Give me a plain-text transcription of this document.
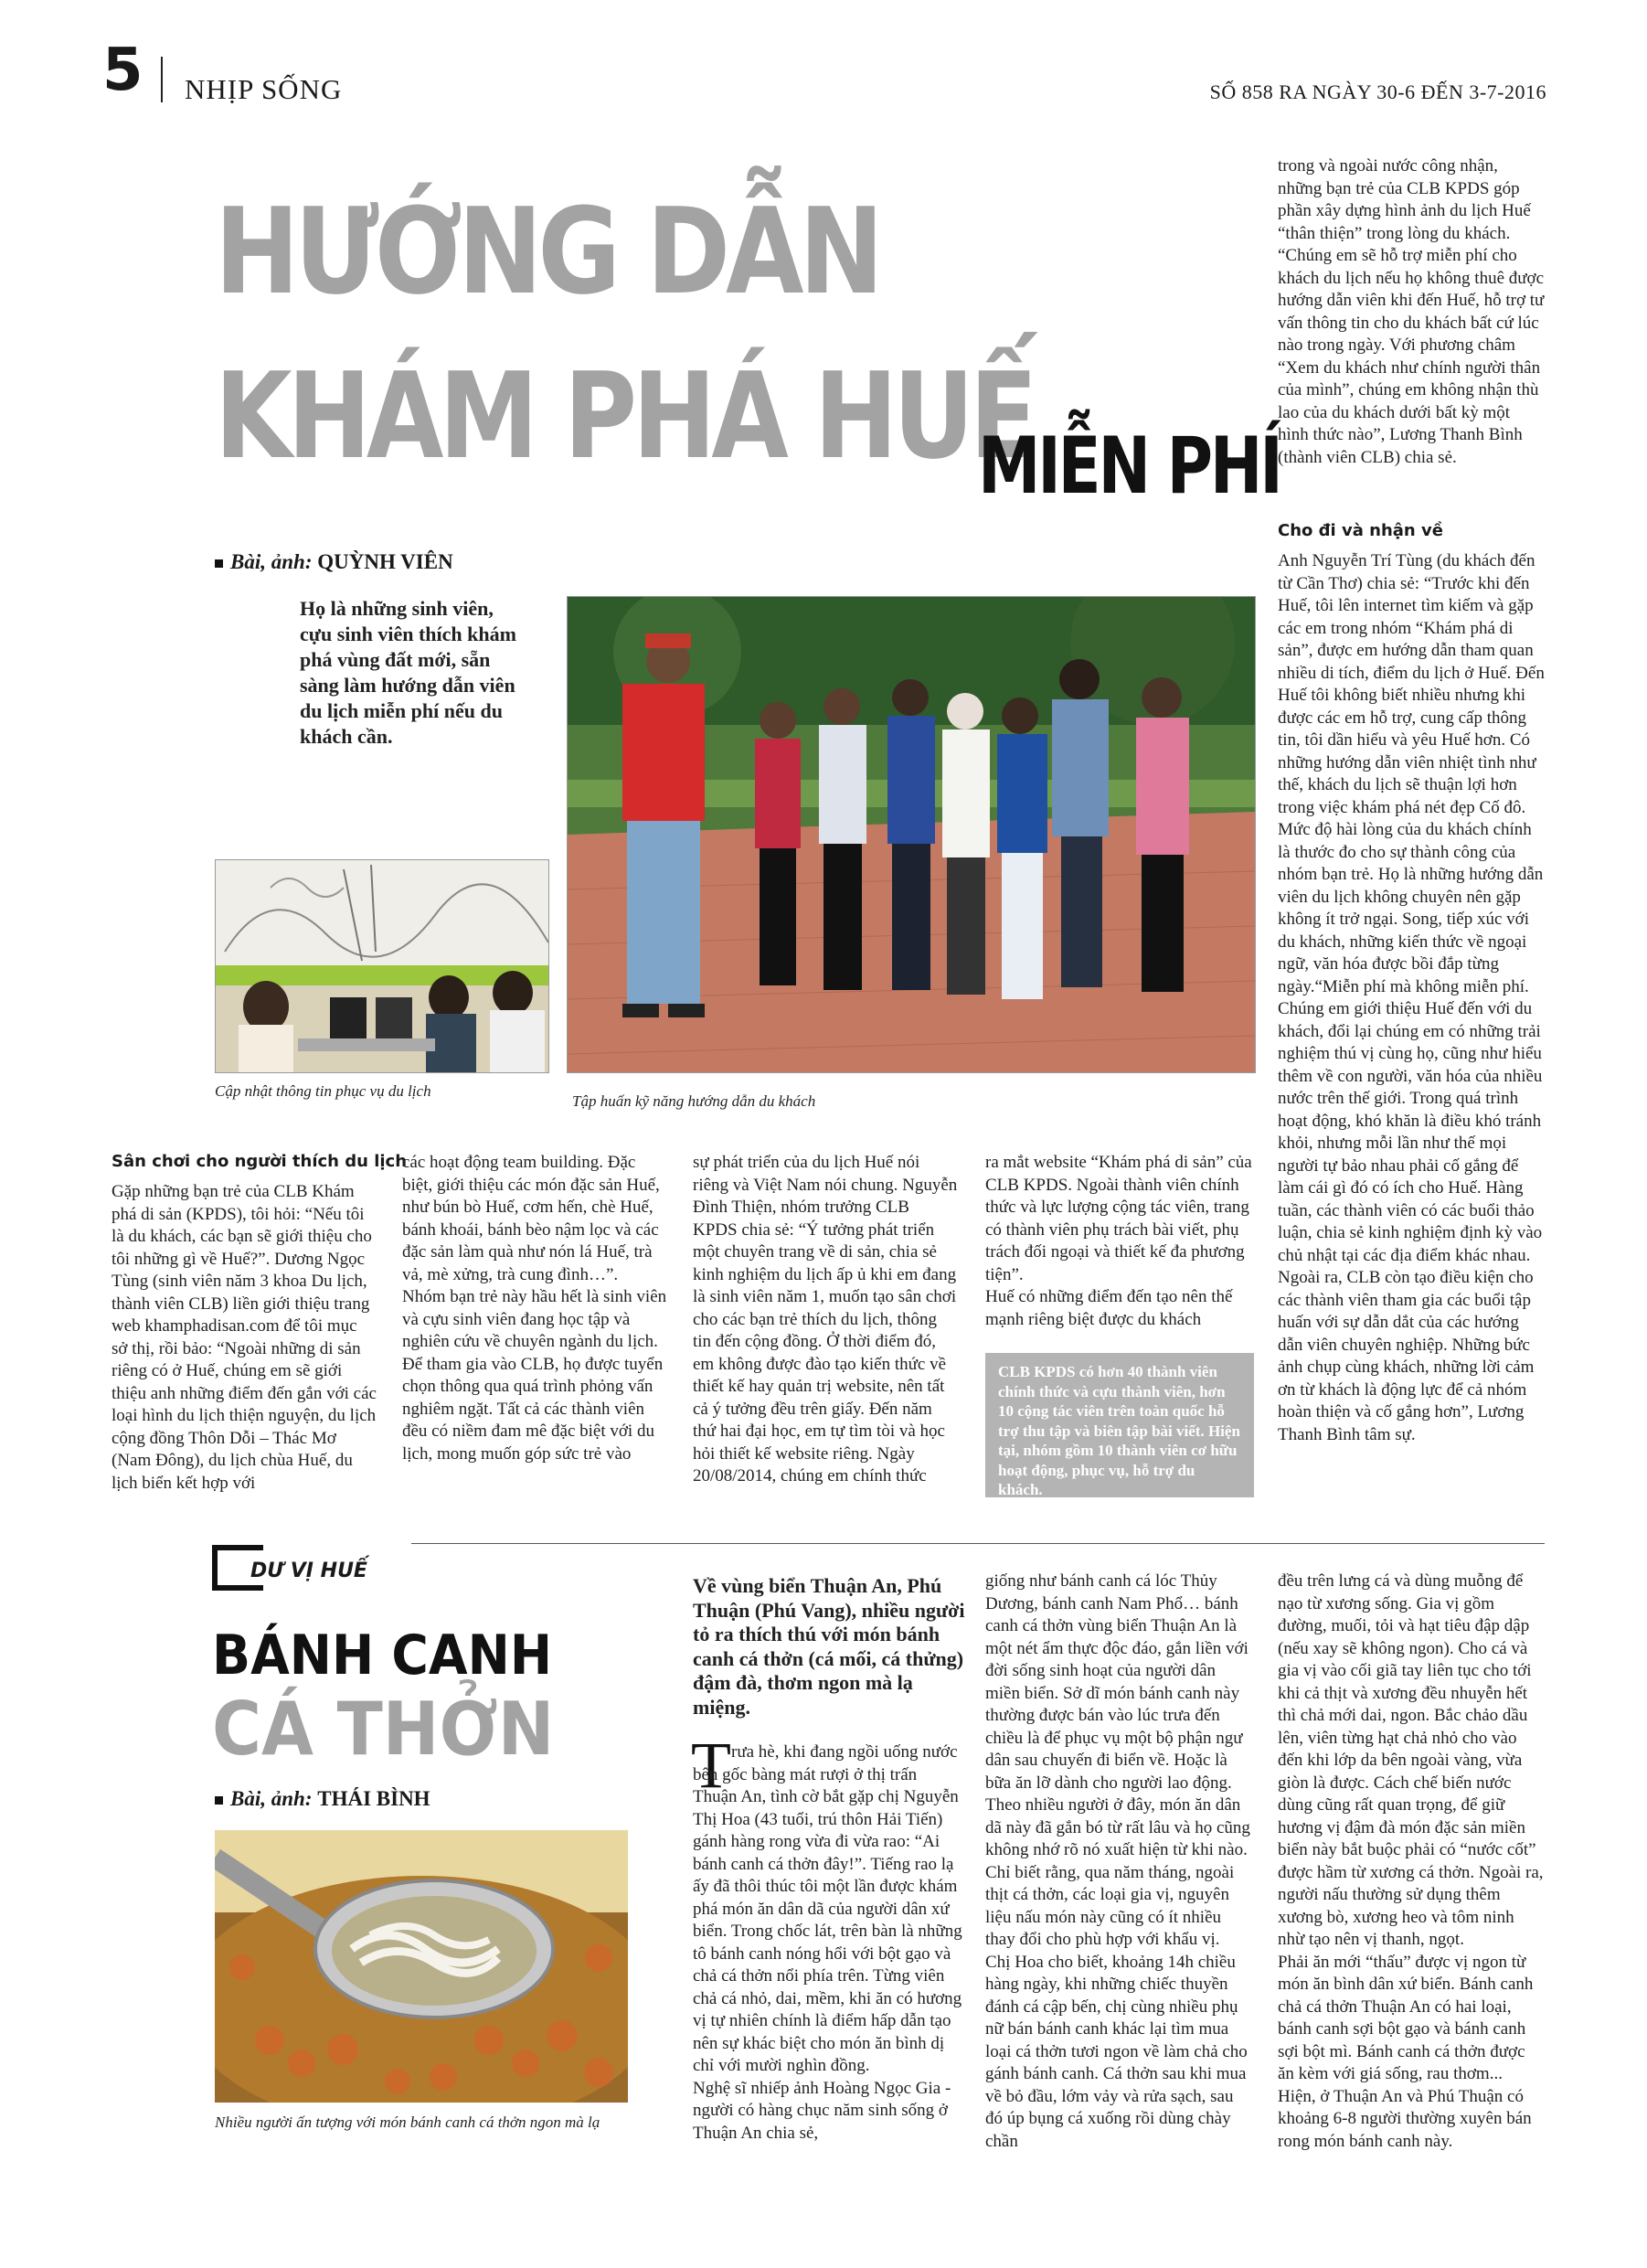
5 NHỊP SỐNG	SỐ 858 RA NGÀY 30-6 ĐẾN 3-7-2016
HƯỚNG DẪN
KHÁM PHÁ HUẾ
MIỄN PHÍ
Bài, ảnh: QUỲNH VIÊN
Họ là những sinh viên, cựu sinh viên thích khám phá vùng đất mới, sẵn sàng làm hướng dẫn viên du lịch miễn phí nếu du khách cần.
Cập nhật thông tin phục vụ du lịch
Tập huấn kỹ năng hướng dẫn du khách
Sân chơi cho người thích du lịch
Gặp những bạn trẻ của CLB Khám phá di sản (KPDS), tôi hỏi: “Nếu tôi là du khách, các bạn sẽ giới thiệu cho tôi những gì về Huế?”. Dương Ngọc Tùng (sinh viên năm 3 khoa Du lịch, thành viên CLB) liền giới thiệu trang web khamphadisan.com để tôi mục sở thị, rồi bảo: “Ngoài những di sản riêng có ở Huế, chúng em sẽ giới thiệu anh những điểm đến gắn với các loại hình du lịch thiện nguyện, du lịch cộng đồng Thôn Dỗi – Thác Mơ (Nam Đông), du lịch chùa Huế, du lịch biển kết hợp với
các hoạt động team building. Đặc biệt, giới thiệu các món đặc sản Huế, như bún bò Huế, cơm hến, chè Huế, bánh khoái, bánh bèo nậm lọc và các đặc sản làm quà như nón lá Huế, trà vả, mè xửng, trà cung đình…”.
Nhóm bạn trẻ này hầu hết là sinh viên và cựu sinh viên đang học tập và nghiên cứu về chuyên ngành du lịch. Để tham gia vào CLB, họ được tuyển chọn thông qua quá trình phỏng vấn nghiêm ngặt. Tất cả các thành viên đều có niềm đam mê đặc biệt với du lịch, mong muốn góp sức trẻ vào
sự phát triển của du lịch Huế nói riêng và Việt Nam nói chung. Nguyễn Đình Thiện, nhóm trưởng CLB KPDS chia sẻ: “Ý tưởng phát triển một chuyên trang về di sản, chia sẻ kinh nghiệm du lịch ấp ủ khi em đang là sinh viên năm 1, muốn tạo sân chơi cho các bạn trẻ thích du lịch, thông tin đến cộng đồng. Ở thời điểm đó, em không được đào tạo kiến thức về thiết kế hay quản trị website, nên tất cả ý tưởng đều trên giấy. Đến năm thứ hai đại học, em tự tìm tòi và học hỏi thiết kế website riêng. Ngày 20/08/2014, chúng em chính thức
ra mắt website “Khám phá di sản” của CLB KPDS. Ngoài thành viên chính thức và lực lượng cộng tác viên, trang có thành viên phụ trách bài viết, phụ trách đối ngoại và thiết kế đa phương tiện”.
Huế có những điểm đến tạo nên thế mạnh riêng biệt được du khách
CLB KPDS có hơn 40 thành viên chính thức và cựu thành viên, hơn 10 cộng tác viên trên toàn quốc hỗ trợ thu tập và biên tập bài viết. Hiện tại, nhóm gồm 10 thành viên cơ hữu hoạt động, phục vụ, hỗ trợ du khách.
trong và ngoài nước công nhận, những bạn trẻ của CLB KPDS góp phần xây dựng hình ảnh du lịch Huế “thân thiện” trong lòng du khách. “Chúng em sẽ hỗ trợ miễn phí cho khách du lịch nếu họ không thuê được hướng dẫn viên khi đến Huế, hỗ trợ tư vấn thông tin cho du khách bất cứ lúc nào trong ngày. Với phương châm “Xem du khách như chính người thân của mình”, chúng em không nhận thù lao của du khách dưới bất kỳ một hình thức nào”, Lương Thanh Bình (thành viên CLB) chia sẻ.
Cho đi và nhận về
Anh Nguyễn Trí Tùng (du khách đến từ Cần Thơ) chia sẻ: “Trước khi đến Huế, tôi lên internet tìm kiếm và gặp các em trong nhóm “Khám phá di sản”, được em hướng dẫn tham quan nhiều di tích, điểm du lịch ở Huế. Đến Huế tôi không biết nhiều nhưng khi được các em hỗ trợ, cung cấp thông tin, tôi dần hiểu và yêu Huế hơn. Có những hướng dẫn viên nhiệt tình như thế, khách du lịch sẽ thuận lợi hơn trong việc khám phá nét đẹp Cố đô.
Mức độ hài lòng của du khách chính là thước đo cho sự thành công của nhóm bạn trẻ. Họ là những hướng dẫn viên du lịch không chuyên nên gặp không ít trở ngại. Song, tiếp xúc với du khách, những kiến thức về ngoại ngữ, văn hóa được bồi đắp từng ngày.“Miễn phí mà không miễn phí. Chúng em giới thiệu Huế đến với du khách, đổi lại chúng em có những trải nghiệm thú vị cùng họ, cũng như hiểu thêm về con người, văn hóa của nhiều nước trên thế giới. Trong quá trình hoạt động, khó khăn là điều khó tránh khỏi, nhưng mỗi lần như thế mọi người tự bảo nhau phải cố gắng để làm cái gì đó có ích cho Huế. Hàng tuần, các thành viên có các buổi thảo luận, chia sẻ kinh nghiệm định kỳ vào chủ nhật tại các địa điểm khác nhau. Ngoài ra, CLB còn tạo điều kiện cho các thành viên tham gia các buổi tập huấn với sự dẫn dắt của các hướng dẫn viên chuyên nghiệp. Những bức ảnh chụp cùng khách, những lời cảm ơn từ khách là động lực để cả nhóm hoàn thiện và cố gắng hơn”, Lương Thanh Bình tâm sự.
DƯ VỊ HUẾ
BÁNH CANH
CÁ THỞN
Bài, ảnh: THÁI BÌNH
Nhiều người ấn tượng với món bánh canh cá thởn ngon mà lạ
Về vùng biển Thuận An, Phú Thuận (Phú Vang), nhiều người tỏ ra thích thú với món bánh canh cá thởn (cá mối, cá thửng) đậm đà, thơm ngon mà lạ miệng.
T rưa hè, khi đang ngồi uống nước bên gốc bàng mát rượi ở thị trấn Thuận An, tình cờ bắt gặp chị Nguyễn Thị Hoa (43 tuổi, trú thôn Hải Tiến) gánh hàng rong vừa đi vừa rao: “Ai bánh canh cá thởn đây!”. Tiếng rao lạ ấy đã thôi thúc tôi một lần được khám phá món ăn dân dã của người dân xứ biển. Trong chốc lát, trên bàn là những tô bánh canh nóng hổi với bột gạo và chả cá thởn nổi phía trên. Từng viên chả cá nhỏ, dai, mềm, khi ăn có hương vị tự nhiên chính là điểm hấp dẫn tạo nên sự khác biệt cho món ăn bình dị chỉ với mười nghìn đồng.
Nghệ sĩ nhiếp ảnh Hoàng Ngọc Gia - người có hàng chục năm sinh sống ở Thuận An chia sẻ,
giống như bánh canh cá lóc Thủy Dương, bánh canh Nam Phổ… bánh canh cá thởn vùng biển Thuận An là một nét ẩm thực độc đáo, gắn liền với đời sống sinh hoạt của người dân miền biển. Sở dĩ món bánh canh này thường được bán vào lúc trưa đến chiều là để phục vụ một bộ phận ngư dân sau chuyến đi biển về. Hoặc là bữa ăn lỡ dành cho người lao động. Theo nhiều người ở đây, món ăn dân dã này đã gắn bó từ rất lâu và họ cũng không nhớ rõ nó xuất hiện từ khi nào. Chỉ biết rằng, qua năm tháng, ngoài thịt cá thởn, các loại gia vị, nguyên liệu nấu món này cũng có ít nhiều thay đổi cho phù hợp với khẩu vị.
Chị Hoa cho biết, khoảng 14h chiều hàng ngày, khi những chiếc thuyền đánh cá cập bến, chị cùng nhiều phụ nữ bán bánh canh khác lại tìm mua loại cá thởn tươi ngon về làm chả cho gánh bánh canh. Cá thởn sau khi mua về bỏ đầu, lớm vảy và rửa sạch, sau đó úp bụng cá xuống rồi dùng chày chần
đều trên lưng cá và dùng muỗng để nạo từ xương sống. Gia vị gồm đường, muối, tỏi và hạt tiêu đập dập (nếu xay sẽ không ngon). Cho cá và gia vị vào cối giã tay liên tục cho tới khi cả thịt và xương đều nhuyễn hết thì chả mới dai, ngon. Bắc chảo dầu lên, viên từng hạt chả nhỏ cho vào đến khi lớp da bên ngoài vàng, vừa giòn là được. Cách chế biến nước dùng cũng rất quan trọng, để giữ hương vị đậm đà món đặc sản miền biển này bắt buộc phải có “nước cốt” được hầm từ xương cá thởn. Ngoài ra, người nấu thường sử dụng thêm xương bò, xương heo và tôm ninh nhừ tạo nên vị thanh, ngọt.
Phải ăn mới “thấu” được vị ngon từ món ăn bình dân xứ biển. Bánh canh chả cá thởn Thuận An có hai loại, bánh canh sợi bột gạo và bánh canh sợi bột mì. Bánh canh cá thởn được ăn kèm với giá sống, rau thơm... Hiện, ở Thuận An và Phú Thuận có khoảng 6-8 người thường xuyên bán rong món bánh canh này.
